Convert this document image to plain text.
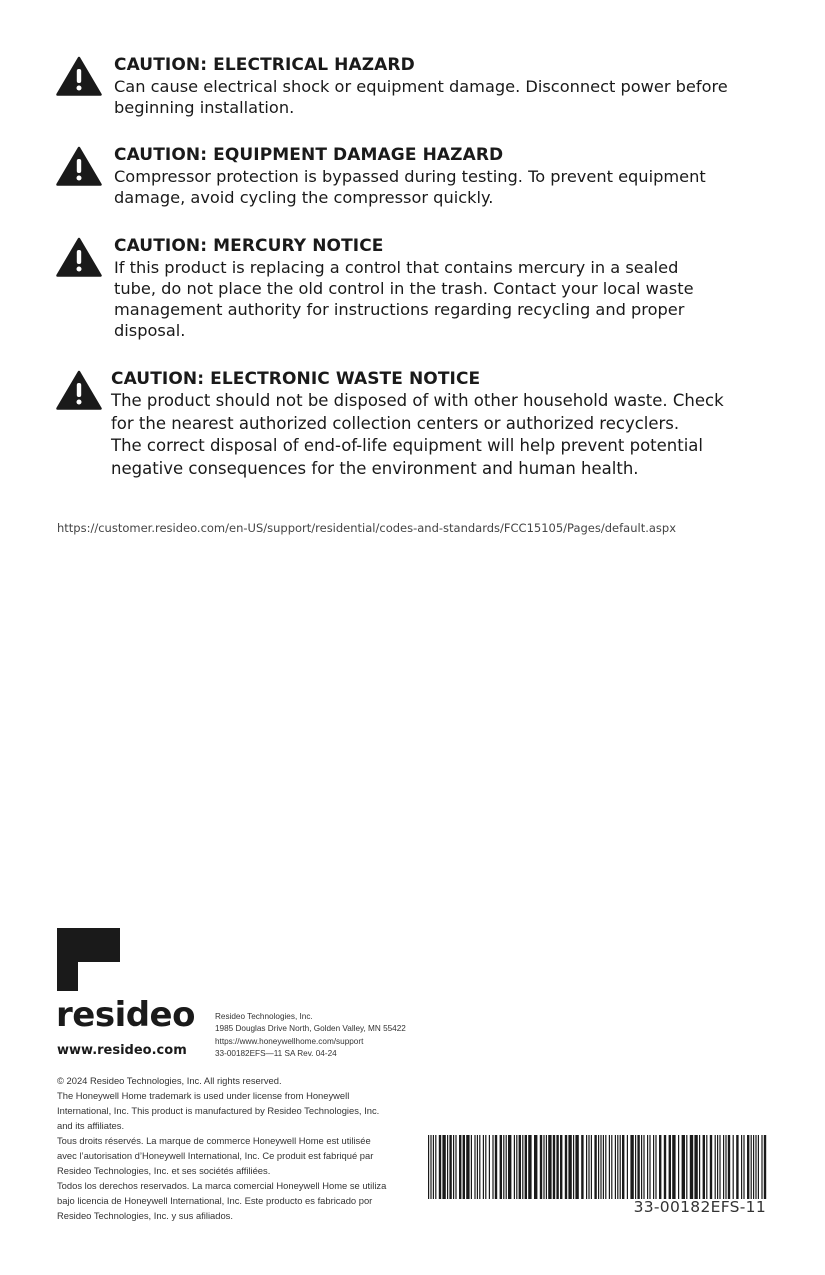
CAUTION: ELECTRICAL HAZARD
Can cause electrical shock or equipment damage. Disconnect power before
beginning installation.
CAUTION: EQUIPMENT DAMAGE HAZARD
Compressor protection is bypassed during testing. To prevent equipment
damage, avoid cycling the compressor quickly.
CAUTION: MERCURY NOTICE
If this product is replacing a control that contains mercury in a sealed
tube, do not place the old control in the trash. Contact your local waste
management authority for instructions regarding recycling and proper
disposal.
CAUTION: ELECTRONIC WASTE NOTICE
The product should not be disposed of with other household waste. Check
for the nearest authorized collection centers or authorized recyclers.
The correct disposal of end-of-life equipment will help prevent potential
negative consequences for the environment and human health.
https://customer.resideo.com/en-US/support/residential/codes-and-standards/FCC15105/Pages/default.aspx
resideo
www.resideo.com
Resideo Technologies, Inc.
1985 Douglas Drive North, Golden Valley, MN 55422
https://www.honeywellhome.com/support
33-00182EFS—11 SA Rev. 04-24
© 2024 Resideo Technologies, Inc. All rights reserved.
The Honeywell Home trademark is used under license from Honeywell
International, Inc. This product is manufactured by Resideo Technologies, Inc.
and its affiliates.
Tous droits réservés. La marque de commerce Honeywell Home est utilisée
avec l’autorisation d’Honeywell International, Inc. Ce produit est fabriqué par
Resideo Technologies, Inc. et ses sociétés affiliées.
Todos los derechos reservados. La marca comercial Honeywell Home se utiliza
bajo licencia de Honeywell International, Inc. Este producto es fabricado por
Resideo Technologies, Inc. y sus afiliados.	33-00182EFS-11
